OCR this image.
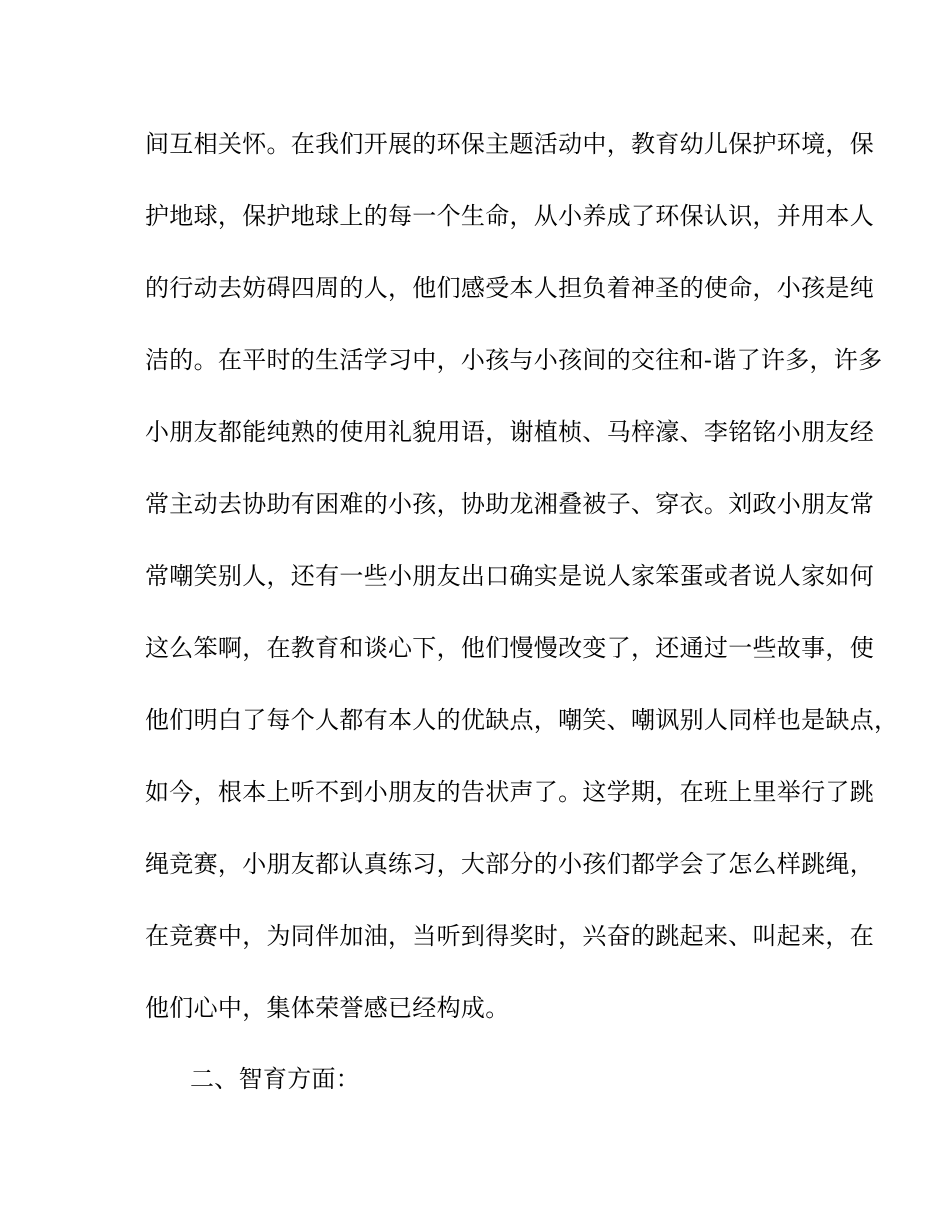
间互相关怀。在我们开展的环保主题活动中，教育幼儿保护环境，保
护地球，保护地球上的每一个生命，从小养成了环保认识，并用本人
的行动去妨碍四周的人，他们感受本人担负着神圣的使命，小孩是纯
洁的。在平时的生活学习中，小孩与小孩间的交往和-谐了许多，许多
小朋友都能纯熟的使用礼貌用语，谢植桢、马梓濠、李铭铭小朋友经
常主动去协助有困难的小孩，协助龙湘叠被子、穿衣。刘政小朋友常
常嘲笑别人，还有一些小朋友出口确实是说人家笨蛋或者说人家如何
这么笨啊，在教育和谈心下，他们慢慢改变了，还通过一些故事，使
他们明白了每个人都有本人的优缺点，嘲笑、嘲讽别人同样也是缺点，
如今，根本上听不到小朋友的告状声了。这学期，在班上里举行了跳
绳竞赛，小朋友都认真练习，大部分的小孩们都学会了怎么样跳绳，
在竞赛中，为同伴加油，当听到得奖时，兴奋的跳起来、叫起来，在
他们心中，集体荣誉感已经构成。
二、智育方面：
